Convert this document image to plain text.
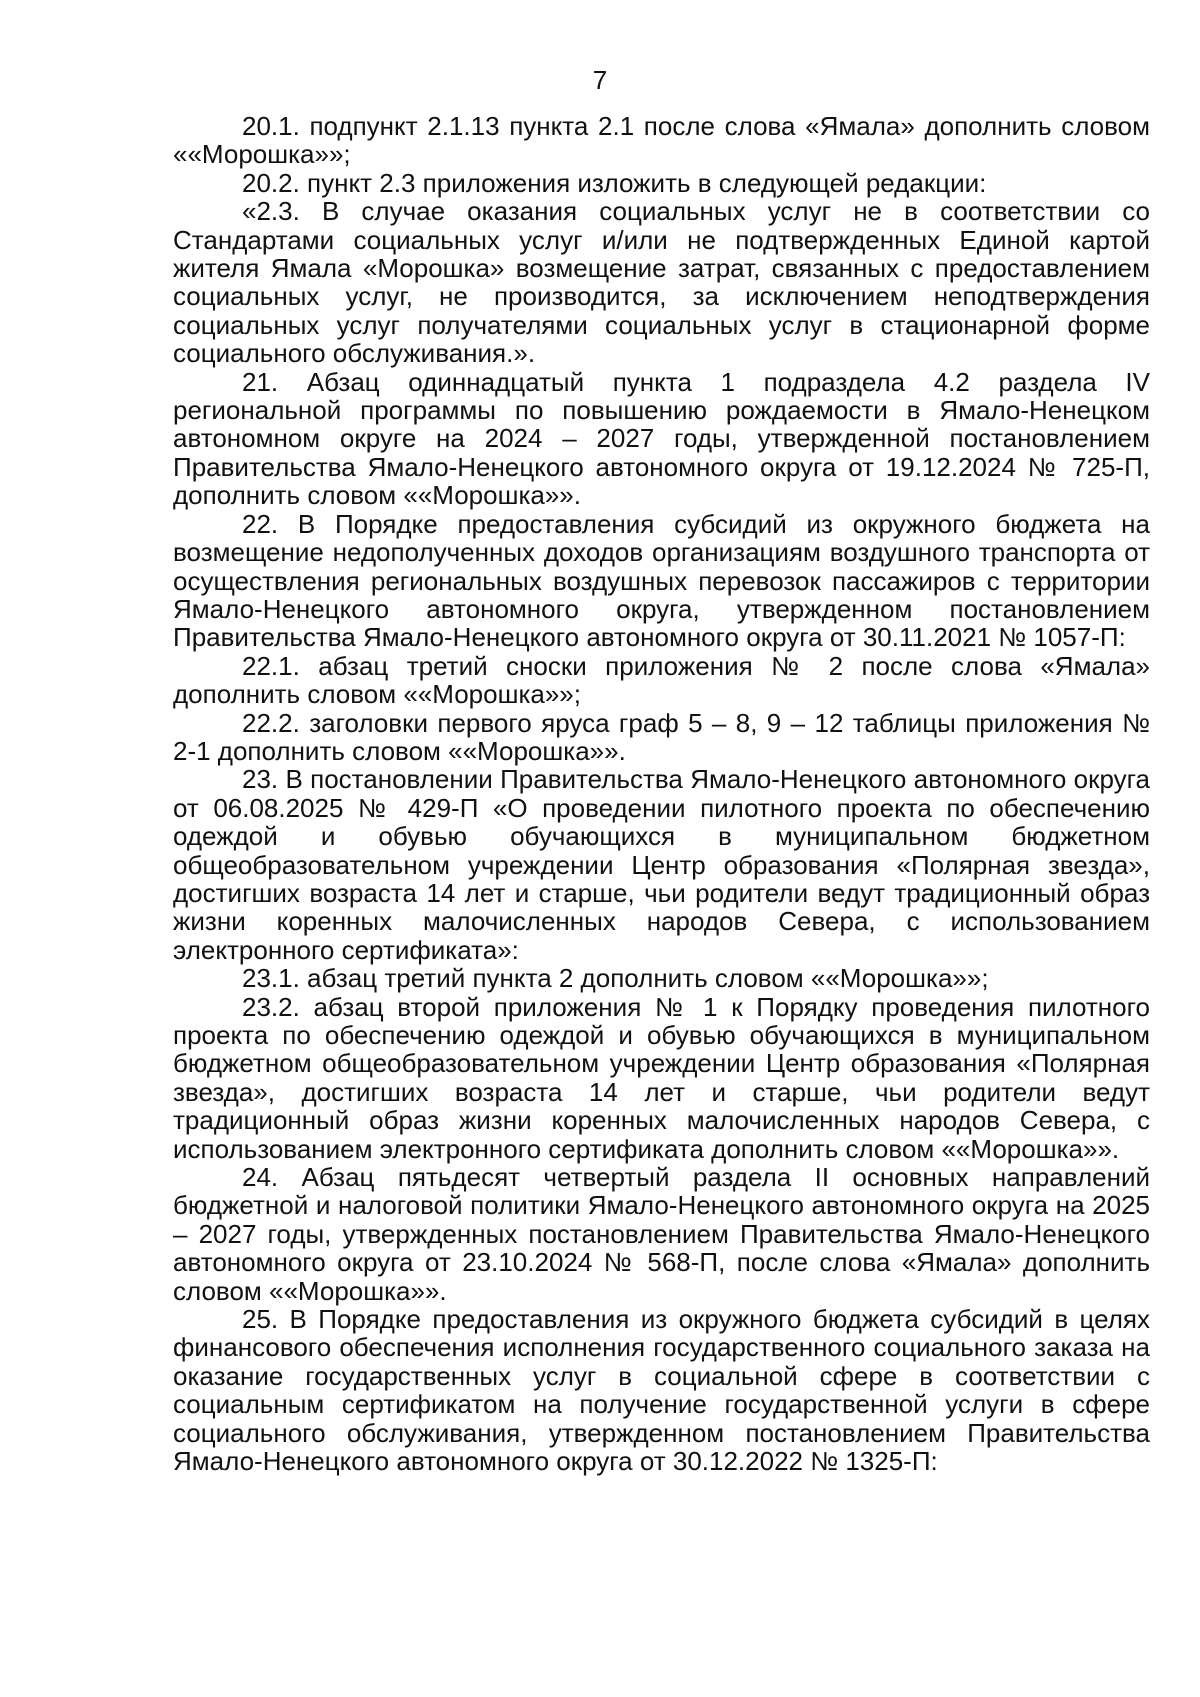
7

20.1. подпункт 2.1.13 пункта 2.1 после слова «Ямала» дополнить словом ««Морошка»»;

20.2. пункт 2.3 приложения изложить в следующей редакции:

«2.3. В случае оказания социальных услуг не в соответствии со Стандартами социальных услуг и/или не подтвержденных Единой картой жителя Ямала «Морошка» возмещение затрат, связанных с предоставлением социальных услуг, не производится, за исключением неподтверждения социальных услуг получателями социальных услуг в стационарной форме социального обслуживания.».

21. Абзац одиннадцатый пункта 1 подраздела 4.2 раздела IV региональной программы по повышению рождаемости в Ямало-Ненецком автономном округе на 2024 – 2027 годы, утвержденной постановлением Правительства Ямало-Ненецкого автономного округа от 19.12.2024 № 725-П, дополнить словом ««Морошка»».

22. В Порядке предоставления субсидий из окружного бюджета на возмещение недополученных доходов организациям воздушного транспорта от осуществления региональных воздушных перевозок пассажиров с территории Ямало-Ненецкого автономного округа, утвержденном постановлением Правительства Ямало-Ненецкого автономного округа от 30.11.2021 № 1057-П:

22.1. абзац третий сноски приложения № 2 после слова «Ямала» дополнить словом ««Морошка»»;

22.2. заголовки первого яруса граф 5 – 8, 9 – 12 таблицы приложения № 2-1 дополнить словом ««Морошка»».

23. В постановлении Правительства Ямало-Ненецкого автономного округа от 06.08.2025 № 429-П «О проведении пилотного проекта по обеспечению одеждой и обувью обучающихся в муниципальном бюджетном общеобразовательном учреждении Центр образования «Полярная звезда», достигших возраста 14 лет и старше, чьи родители ведут традиционный образ жизни коренных малочисленных народов Севера, с использованием электронного сертификата»:

23.1. абзац третий пункта 2 дополнить словом ««Морошка»»;

23.2. абзац второй приложения № 1 к Порядку проведения пилотного проекта по обеспечению одеждой и обувью обучающихся в муниципальном бюджетном общеобразовательном учреждении Центр образования «Полярная звезда», достигших возраста 14 лет и старше, чьи родители ведут традиционный образ жизни коренных малочисленных народов Севера, с использованием электронного сертификата дополнить словом ««Морошка»».

24. Абзац пятьдесят четвертый раздела II основных направлений бюджетной и налоговой политики Ямало-Ненецкого автономного округа на 2025 – 2027 годы, утвержденных постановлением Правительства Ямало-Ненецкого автономного округа от 23.10.2024 № 568-П, после слова «Ямала» дополнить словом ««Морошка»».

25. В Порядке предоставления из окружного бюджета субсидий в целях финансового обеспечения исполнения государственного социального заказа на оказание государственных услуг в социальной сфере в соответствии с социальным сертификатом на получение государственной услуги в сфере социального обслуживания, утвержденном постановлением Правительства Ямало-Ненецкого автономного округа от 30.12.2022 № 1325-П:
